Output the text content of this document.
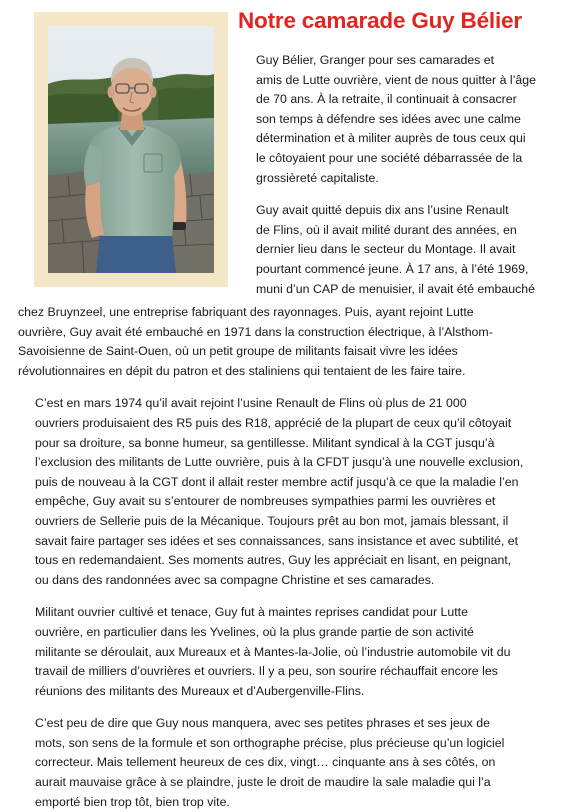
Notre camarade Guy Bélier

Guy Bélier, Granger pour ses camarades et
amis de Lutte ouvrière, vient de nous quitter à l’âge
de 70 ans. À la retraite, il continuait à consacrer
son temps à défendre ses idées avec une calme
détermination et à militer auprès de tous ceux qui
le côtoyaient pour une société débarrassée de la
grossièreté capitaliste.

Guy avait quitté depuis dix ans l’usine Renault
de Flins, où il avait milité durant des années, en
dernier lieu dans le secteur du Montage. Il avait
pourtant commencé jeune. À 17 ans, à l’été 1969,
muni d’un CAP de menuisier, il avait été embauché

chez Bruynzeel, une entreprise fabriquant des rayonnages. Puis, ayant rejoint Lutte
ouvrière, Guy avait été embauché en 1971 dans la construction électrique, à l’Alsthom-
Savoisienne de Saint-Ouen, où un petit groupe de militants faisait vivre les idées
révolutionnaires en dépit du patron et des staliniens qui tentaient de les faire taire.

C’est en mars 1974 qu’il avait rejoint l’usine Renault de Flins où plus de 21 000
ouvriers produisaient des R5 puis des R18, apprécié de la plupart de ceux qu’il côtoyait
pour sa droiture, sa bonne humeur, sa gentillesse. Militant syndical à la CGT jusqu’à
l’exclusion des militants de Lutte ouvrière, puis à la CFDT jusqu’à une nouvelle exclusion,
puis de nouveau à la CGT dont il allait rester membre actif jusqu’à ce que la maladie l’en
empêche, Guy avait su s’entourer de nombreuses sympathies parmi les ouvrières et
ouvriers de Sellerie puis de la Mécanique. Toujours prêt au bon mot, jamais blessant, il
savait faire partager ses idées et ses connaissances, sans insistance et avec subtilité, et
tous en redemandaient. Ses moments autres, Guy les appréciait en lisant, en peignant,
ou dans des randonnées avec sa compagne Christine et ses camarades.

Militant ouvrier cultivé et tenace, Guy fut à maintes reprises candidat pour Lutte
ouvrière, en particulier dans les Yvelines, où la plus grande partie de son activité
militante se déroulait, aux Mureaux et à Mantes-la-Jolie, où l’industrie automobile vit du
travail de milliers d’ouvrières et ouvriers. Il y a peu, son sourire réchauffait encore les
réunions des militants des Mureaux et d’Aubergenville-Flins.

C’est peu de dire que Guy nous manquera, avec ses petites phrases et ses jeux de
mots, son sens de la formule et son orthographe précise, plus précieuse qu’un logiciel
correcteur. Mais tellement heureux de ces dix, vingt… cinquante ans à ses côtés, on
aurait mauvaise grâce à se plaindre, juste le droit de maudire la sale maladie qui l’a
emporté bien trop tôt, bien trop vite.
